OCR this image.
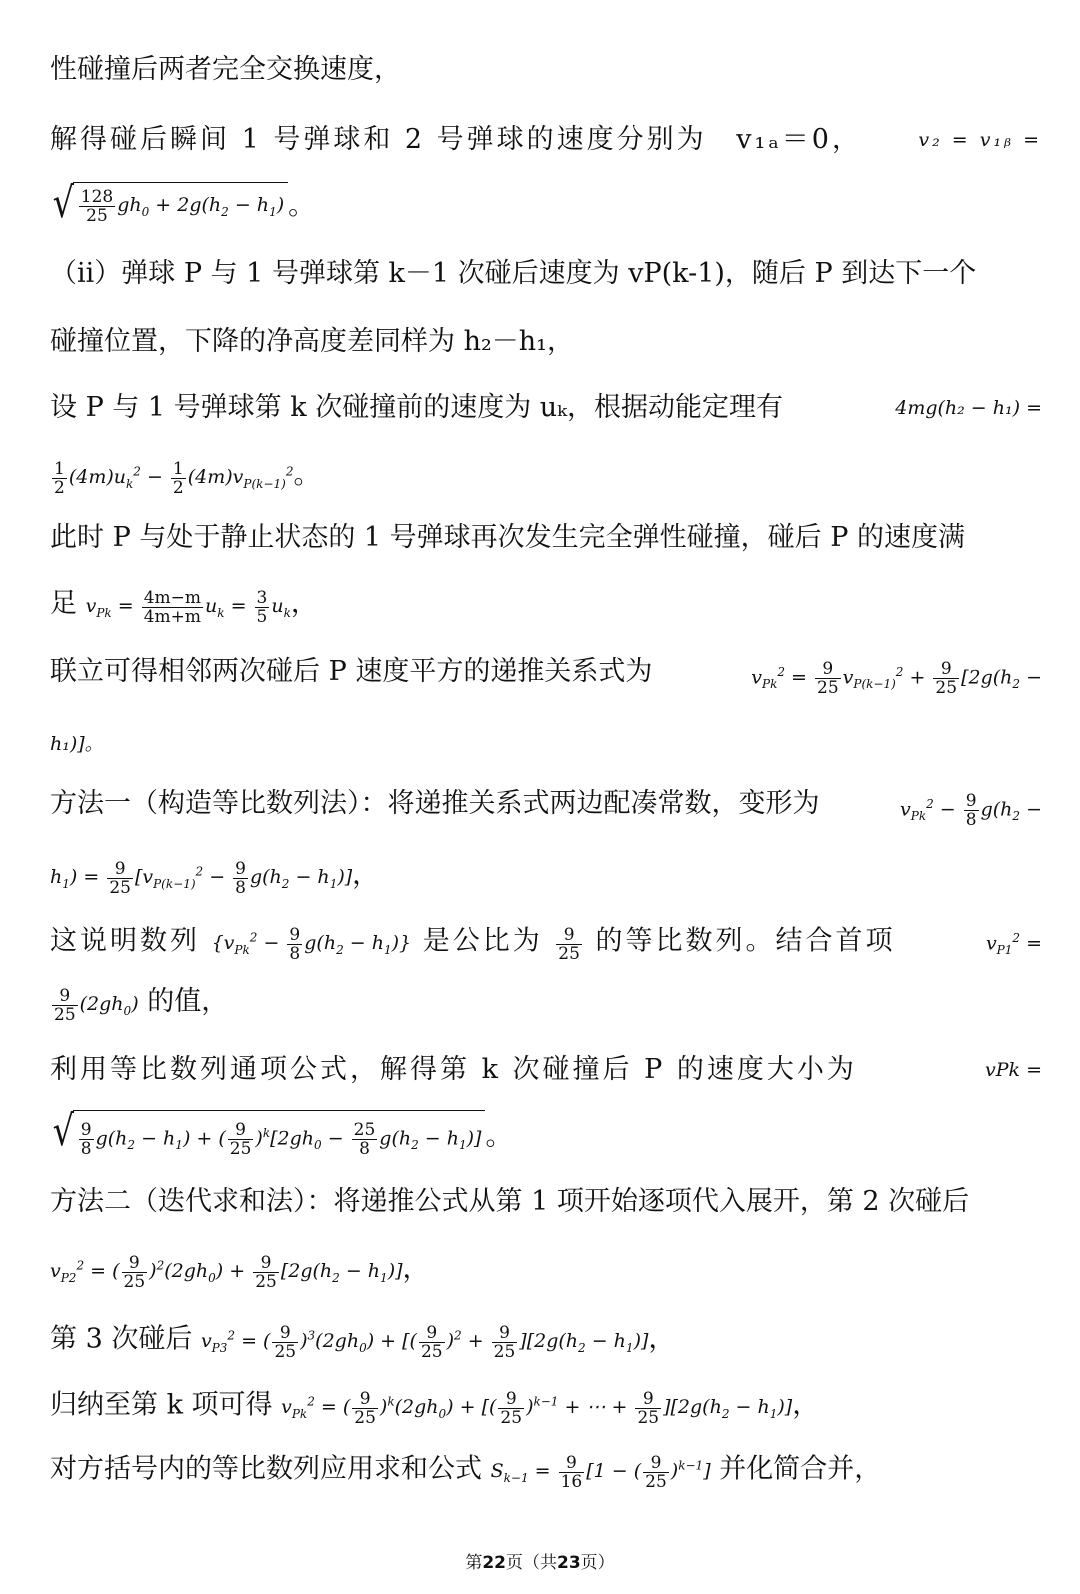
性碰撞后两者完全交换速度，
解得碰后瞬间 1 号弹球和 2 号弹球的速度分别为 v₁ₐ＝0，	v₂ = v₁ᵦ =
√ $\frac{128}{25} gh_0 + 2g(h_2 - h_1)$ 。
（ii）弹球 P 与 1 号弹球第 k－1 次碰后速度为 vP(k-1)，随后 P 到达下一个
碰撞位置，下降的净高度差同样为 h₂－h₁，
设 P 与 1 号弹球第 k 次碰撞前的速度为 uₖ，根据动能定理有	4mg(h₂ − h₁) =
$\frac{1}{2} (4m)u_k^2 - \frac{1}{2} (4m)v_{P(k-1)}^2$。
此时 P 与处于静止状态的 1 号弹球再次发生完全弹性碰撞，碰后 P 的速度满
足 $v_{Pk} = \frac{4m-m}{4m+m} u_k = \frac{3}{5} u_k$，
联立可得相邻两次碰后 P 速度平方的递推关系式为	$v_{Pk}^2 = \frac{9}{25} v_{P(k-1)}^2 + \frac{9}{25} [2g(h_2$ −
h₁)]。
方法一（构造等比数列法）：将递推关系式两边配凑常数，变形为	$v_{Pk}^2 - \frac{9}{8} g(h_2$ −
$h_1) = \frac{9}{25} [v_{P(k-1)}^2 - \frac{9}{8} g(h_2 - h_1)]$，
这说明数列 $\{v_{Pk}^2 - \frac{9}{8} g(h_2 - h_1)\}$ 是公比为 $\frac{9}{25}$ 的等比数列。结合首项	$v_{P1}^2$ =
$\frac{9}{25} (2gh_0)$ 的值，
利用等比数列通项公式，解得第 k 次碰撞后 P 的速度大小为	vPk =
√ $\frac{9}{8} g(h_2 - h_1)$ + ( $\frac{9}{25} )^k[2gh_0 - \frac{25}{8} g(h_2 - h_1)]$ 。
方法二（迭代求和法）：将递推公式从第 1 项开始逐项代入展开，第 2 次碰后
$v_{P2}^2$ = ( $\frac{9}{25} )^2(2gh_0) + \frac{9}{25} [2g(h_2 - h_1)]$，
第 3 次碰后 $v_{P3}^2$ = ( $\frac{9}{25} )^3(2gh_0)$ + [( $\frac{9}{25} )^2 + \frac{9}{25} ][2g(h_2 - h_1)]$，
归纳至第 k 项可得 $v_{Pk}^2$ = ( $\frac{9}{25} )^k(2gh_0)$ + [( $\frac{9}{25} )^{k-1}$ + ⋯ + $\frac{9}{25} ][2g(h_2 - h_1)]$，
对方括号内的等比数列应用求和公式 $S_{k-1} = \frac{9}{16} [1$ − ( $\frac{9}{25} )^{k-1}$] 并化简合并，
第22页（共23页）
